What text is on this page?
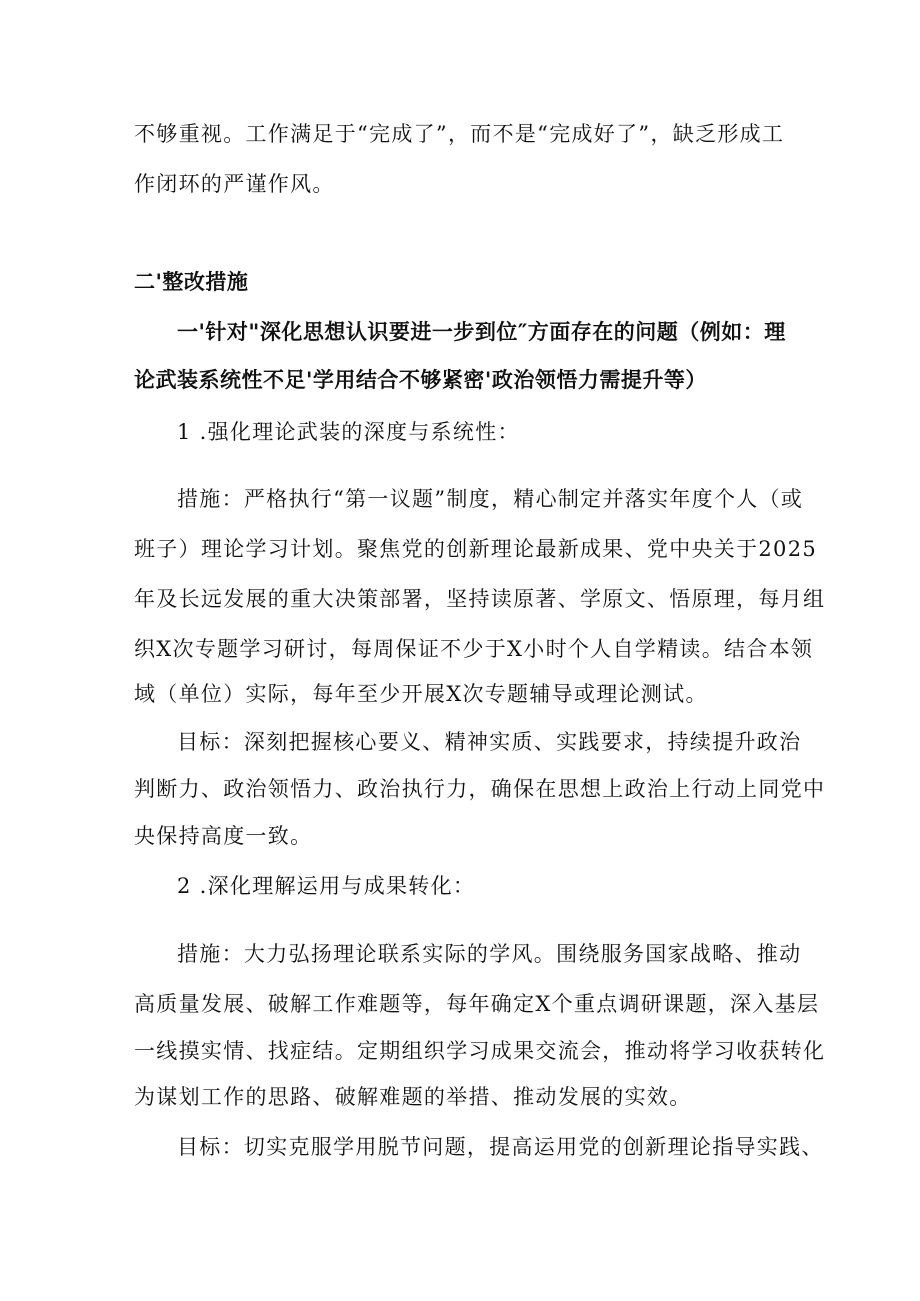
不够重视。工作满足于“完成了”，而不是“完成好了”，缺乏形成工
作闭环的严谨作风。
二'整改措施
一'针对"深化思想认识要进一步到位″方面存在的问题（例如：理
论武装系统性不足'学用结合不够紧密'政治领悟力需提升等）
1 .强化理论武装的深度与系统性：
措施：严格执行“第一议题”制度，精心制定并落实年度个人（或
班子）理论学习计划。聚焦党的创新理论最新成果、党中央关于2025
年及长远发展的重大决策部署，坚持读原著、学原文、悟原理，每月组
织X次专题学习研讨，每周保证不少于X小时个人自学精读。结合本领
域（单位）实际，每年至少开展X次专题辅导或理论测试。
目标：深刻把握核心要义、精神实质、实践要求，持续提升政治
判断力、政治领悟力、政治执行力，确保在思想上政治上行动上同党中
央保持高度一致。
2 .深化理解运用与成果转化：
措施：大力弘扬理论联系实际的学风。围绕服务国家战略、推动
高质量发展、破解工作难题等，每年确定X个重点调研课题，深入基层
一线摸实情、找症结。定期组织学习成果交流会，推动将学习收获转化
为谋划工作的思路、破解难题的举措、推动发展的实效。
目标：切实克服学用脱节问题，提高运用党的创新理论指导实践、
